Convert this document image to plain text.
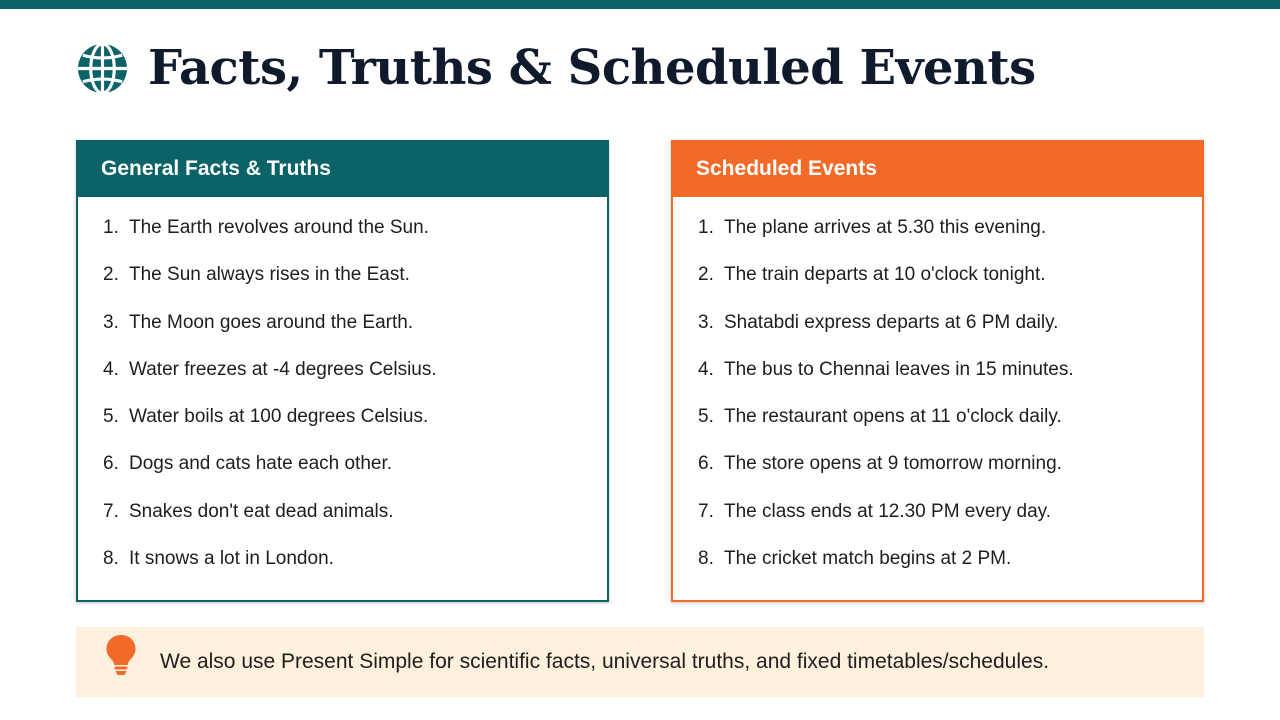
Facts, Truths & Scheduled Events
General Facts & Truths
1. The Earth revolves around the Sun.
2. The Sun always rises in the East.
3. The Moon goes around the Earth.
4. Water freezes at -4 degrees Celsius.
5. Water boils at 100 degrees Celsius.
6. Dogs and cats hate each other.
7. Snakes don't eat dead animals.
8. It snows a lot in London.
Scheduled Events
1. The plane arrives at 5.30 this evening.
2. The train departs at 10 o'clock tonight.
3. Shatabdi express departs at 6 PM daily.
4. The bus to Chennai leaves in 15 minutes.
5. The restaurant opens at 11 o'clock daily.
6. The store opens at 9 tomorrow morning.
7. The class ends at 12.30 PM every day.
8. The cricket match begins at 2 PM.
We also use Present Simple for scientific facts, universal truths, and fixed timetables/schedules.
